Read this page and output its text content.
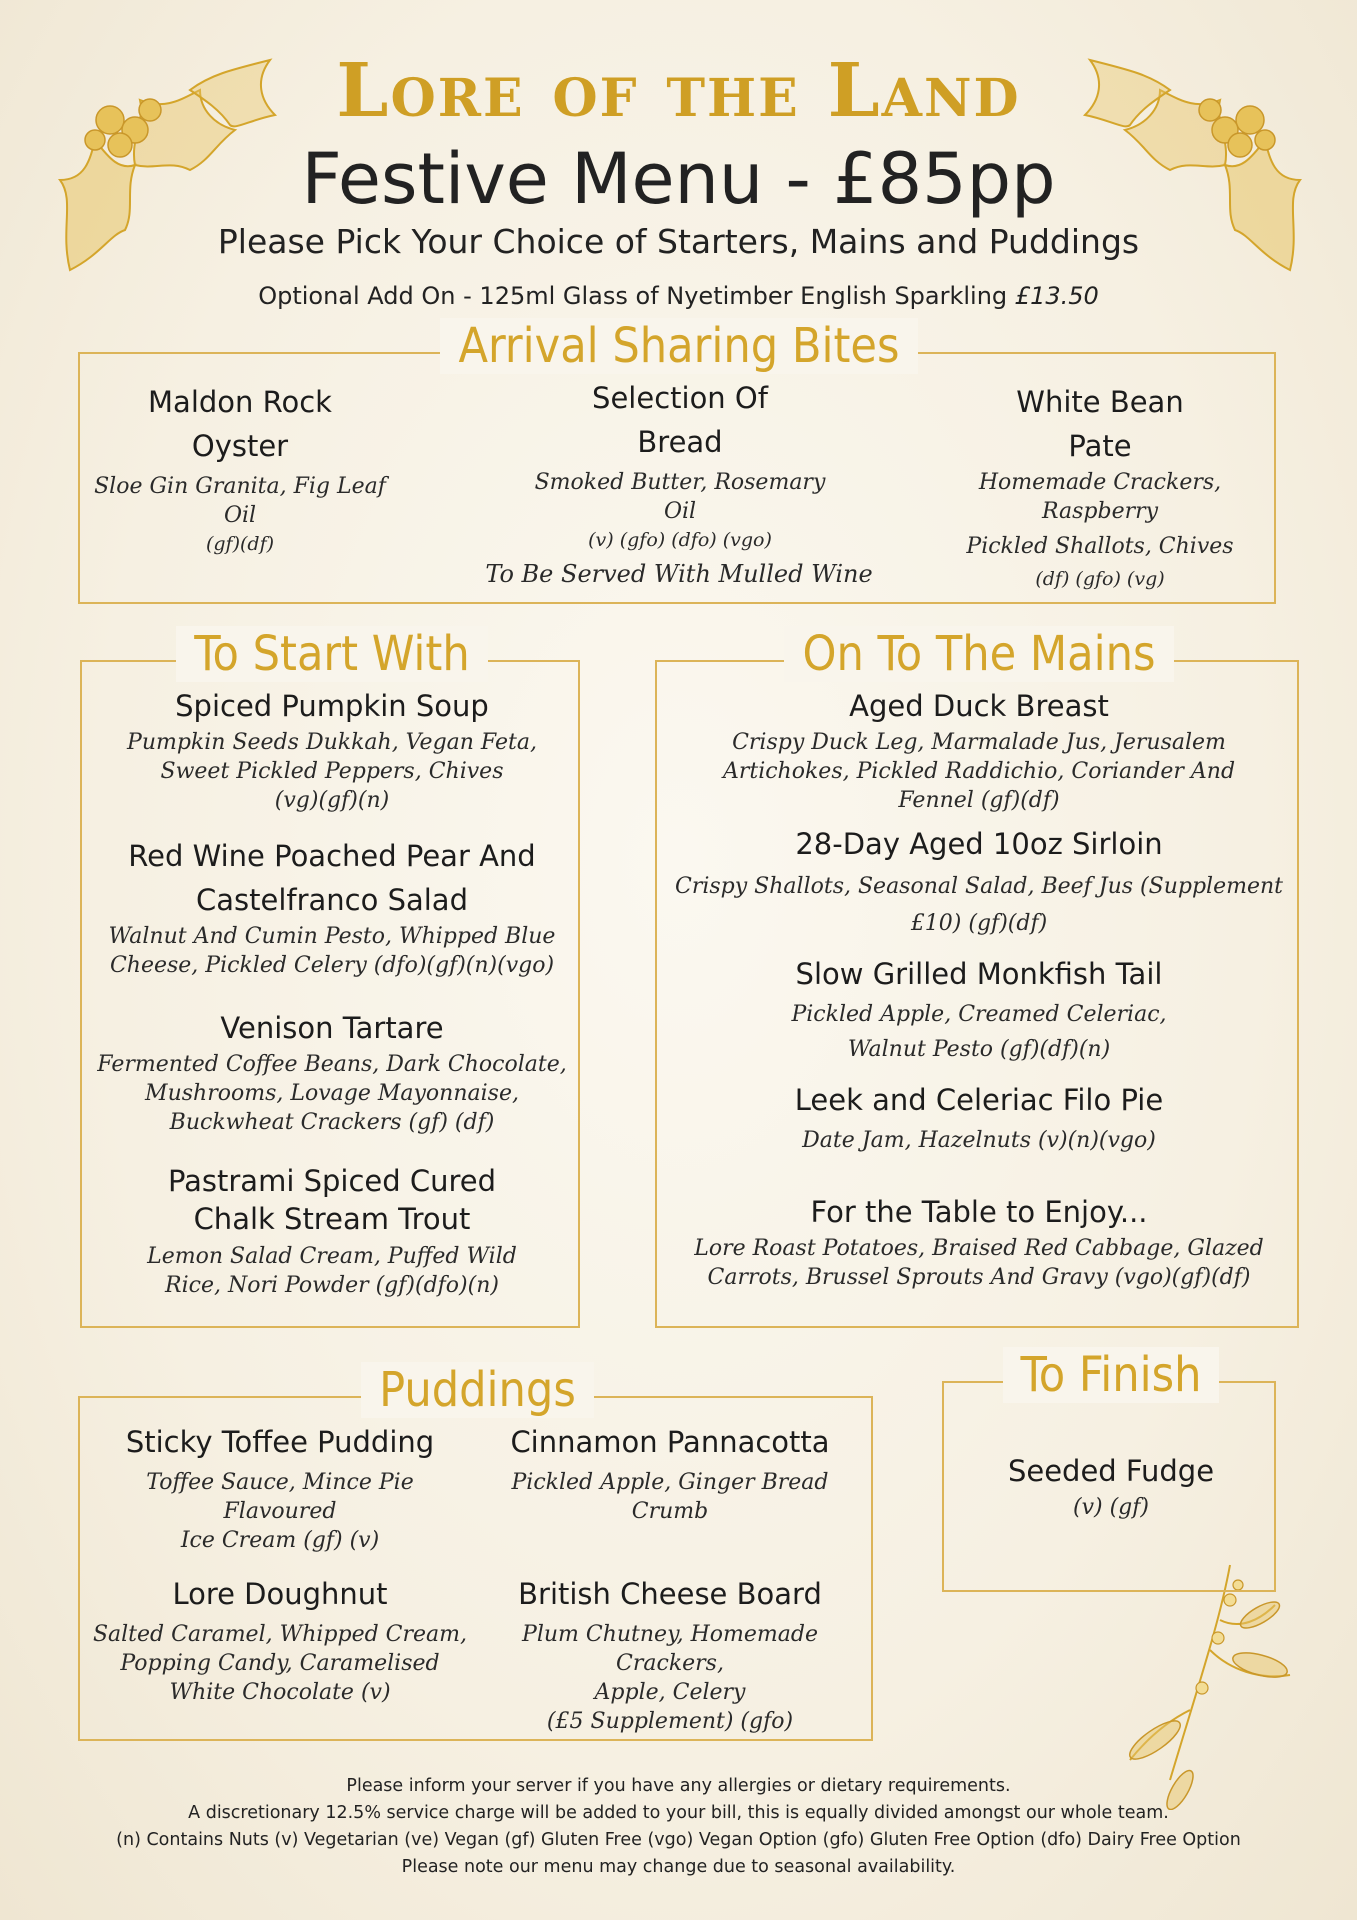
Lore of the Land
Festive Menu - £85pp
Please Pick Your Choice of Starters, Mains and Puddings
Optional Add On - 125ml Glass of Nyetimber English Sparkling £13.50
Arrival Sharing Bites
Maldon Rock
Oyster
Sloe Gin Granita, Fig Leaf Oil
(gf)(df)
Selection Of
Bread
Smoked Butter, Rosemary Oil
(v) (gfo) (dfo) (vgo)
White Bean
Pate
Homemade Crackers, Raspberry
Pickled Shallots, Chives
(df) (gfo) (vg)
To Be Served With Mulled Wine
To Start With
Spiced Pumpkin Soup
Pumpkin Seeds Dukkah, Vegan Feta,
Sweet Pickled Peppers, Chives
(vg)(gf)(n)
Red Wine Poached Pear And
Castelfranco Salad
Walnut And Cumin Pesto, Whipped Blue
Cheese, Pickled Celery (dfo)(gf)(n)(vgo)
Venison Tartare
Fermented Coffee Beans, Dark Chocolate,
Mushrooms, Lovage Mayonnaise,
Buckwheat Crackers (gf) (df)
Pastrami Spiced Cured
Chalk Stream Trout
Lemon Salad Cream, Puffed Wild
Rice, Nori Powder (gf)(dfo)(n)
On To The Mains
Aged Duck Breast
Crispy Duck Leg, Marmalade Jus, Jerusalem
Artichokes, Pickled Raddichio, Coriander And
Fennel (gf)(df)
28-Day Aged 10oz Sirloin
Crispy Shallots, Seasonal Salad, Beef Jus (Supplement
£10) (gf)(df)
Slow Grilled Monkfish Tail
Pickled Apple, Creamed Celeriac,
Walnut Pesto (gf)(df)(n)
Leek and Celeriac Filo Pie
Date Jam, Hazelnuts (v)(n)(vgo)
For the Table to Enjoy...
Lore Roast Potatoes, Braised Red Cabbage, Glazed
Carrots, Brussel Sprouts And Gravy (vgo)(gf)(df)
Puddings
Sticky Toffee Pudding
Toffee Sauce, Mince Pie Flavoured
Ice Cream (gf) (v)
Cinnamon Pannacotta
Pickled Apple, Ginger Bread
Crumb
Lore Doughnut
Salted Caramel, Whipped Cream,
Popping Candy, Caramelised
White Chocolate (v)
British Cheese Board
Plum Chutney, Homemade Crackers,
Apple, Celery
(£5 Supplement) (gfo)
To Finish
Seeded Fudge
(v) (gf)
Please inform your server if you have any allergies or dietary requirements.
A discretionary 12.5% service charge will be added to your bill, this is equally divided amongst our whole team.
(n) Contains Nuts (v) Vegetarian (ve) Vegan (gf) Gluten Free (vgo) Vegan Option (gfo) Gluten Free Option (dfo) Dairy Free Option
Please note our menu may change due to seasonal availability.
